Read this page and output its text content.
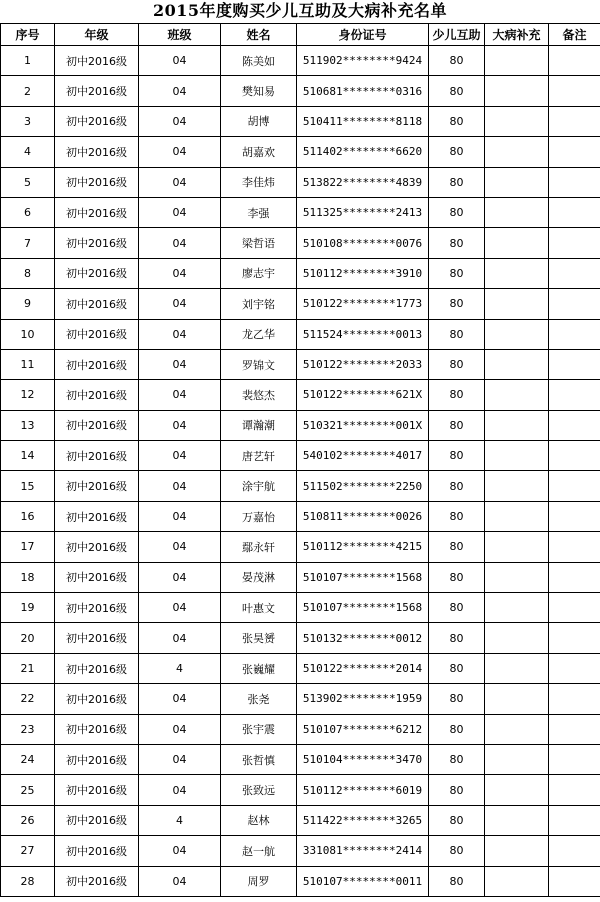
2015年度购买少儿互助及大病补充名单
序号	年级	班级	姓名	身份证号	少儿互助	大病补充	备注
1	初中2016级	04	陈美如	511902********9424	80		
2	初中2016级	04	樊知易	510681********0316	80		
3	初中2016级	04	胡博	510411********8118	80		
4	初中2016级	04	胡嘉欢	511402********6620	80		
5	初中2016级	04	李佳炜	513822********4839	80		
6	初中2016级	04	李强	511325********2413	80		
7	初中2016级	04	梁哲语	510108********0076	80		
8	初中2016级	04	廖志宇	510112********3910	80		
9	初中2016级	04	刘宇铭	510122********1773	80		
10	初中2016级	04	龙乙华	511524********0013	80		
11	初中2016级	04	罗锦文	510122********2033	80		
12	初中2016级	04	裴悠杰	510122********621X	80		
13	初中2016级	04	谭瀚潮	510321********001X	80		
14	初中2016级	04	唐艺轩	540102********4017	80		
15	初中2016级	04	涂宇航	511502********2250	80		
16	初中2016级	04	万嘉怡	510811********0026	80		
17	初中2016级	04	鄢永轩	510112********4215	80		
18	初中2016级	04	晏茂淋	510107********1568	80		
19	初中2016级	04	叶惠文	510107********1568	80		
20	初中2016级	04	张昊赟	510132********0012	80		
21	初中2016级	4	张巍耀	510122********2014	80		
22	初中2016级	04	张尧	513902********1959	80		
23	初中2016级	04	张宇震	510107********6212	80		
24	初中2016级	04	张哲慎	510104********3470	80		
25	初中2016级	04	张致远	510112********6019	80		
26	初中2016级	4	赵林	511422********3265	80		
27	初中2016级	04	赵一航	331081********2414	80		
28	初中2016级	04	周罗	510107********0011	80		
